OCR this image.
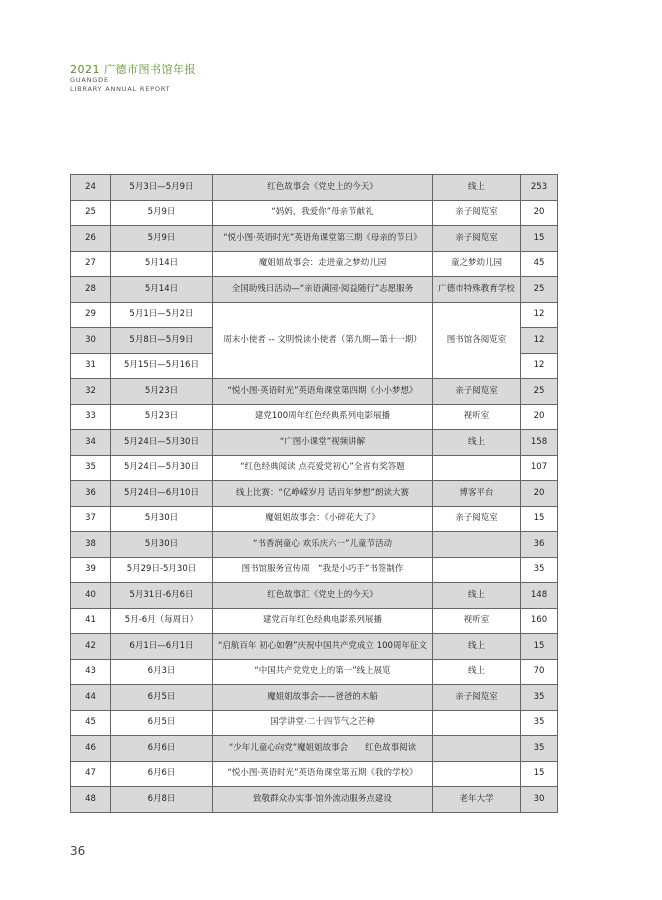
2021 广德市图书馆年报
GUANGDE
LIBRARY ANNUAL REPORT
24	5月3日—5月9日	红色故事会《党史上的今天》	线上	253
25	5月9日	“妈妈，我爱你”母亲节献礼	亲子阅览室	20
26	5月9日	“悦小图·英语时光”英语角课堂第三期《母亲的节日》	亲子阅览室	15
27	5月14日	魔姐姐故事会：走进童之梦幼儿园	童之梦幼儿园	45
28	5月14日	全国助残日活动—“亲语满园·阅益随行”志愿服务	广德市特殊教育学校	25
29	5月1日—5月2日	周末小使者 -- 文明悦读小使者（第九期—第十一期）	图书馆各阅览室	12
30	5月8日—5月9日			12
31	5月15日—5月16日			12
32	5月23日	“悦小图·英语时光”英语角课堂第四期《小小梦想》	亲子阅览室	25
33	5月23日	建党100周年红色经典系列电影展播	视听室	20
34	5月24日—5月30日	“广图小课堂”视频讲解	线上	158
35	5月24日—5月30日	“红色经典阅读 点亮爱党初心”全省有奖答题		107
36	5月24日—6月10日	线上比赛：“亿峥嵘岁月 话百年梦想”朗读大赛	博客平台	20
37	5月30日	魔姐姐故事会：《小碎花大了》	亲子阅览室	15
38	5月30日	“书香润童心 欢乐庆六一”儿童节活动		36
39	5月29日-5月30日	图书馆服务宣传周　“我是小巧手”书签制作		35
40	5月31日-6月6日	红色故事汇《党史上的今天》	线上	148
41	5月-6月（每周日）	建党百年红色经典电影系列展播	视听室	160
42	6月1日—6月1日	“启航百年 初心如磐”庆祝中国共产党成立 100周年征文	线上	15
43	6月3日	“中国共产党党史上的第一”线上展览	线上	70
44	6月5日	魔姐姐故事会——爸爸的木船	亲子阅览室	35
45	6月5日	国学讲堂·二十四节气之芒种		35
46	6月6日	“少年儿童心向党”魔姐姐故事会　　红色故事阅读		35
47	6月6日	“悦小图·英语时光”英语角课堂第五期《我的学校》		15
48	6月8日	致敬群众办实事·馆外流动服务点建设	老年大学	30
36
